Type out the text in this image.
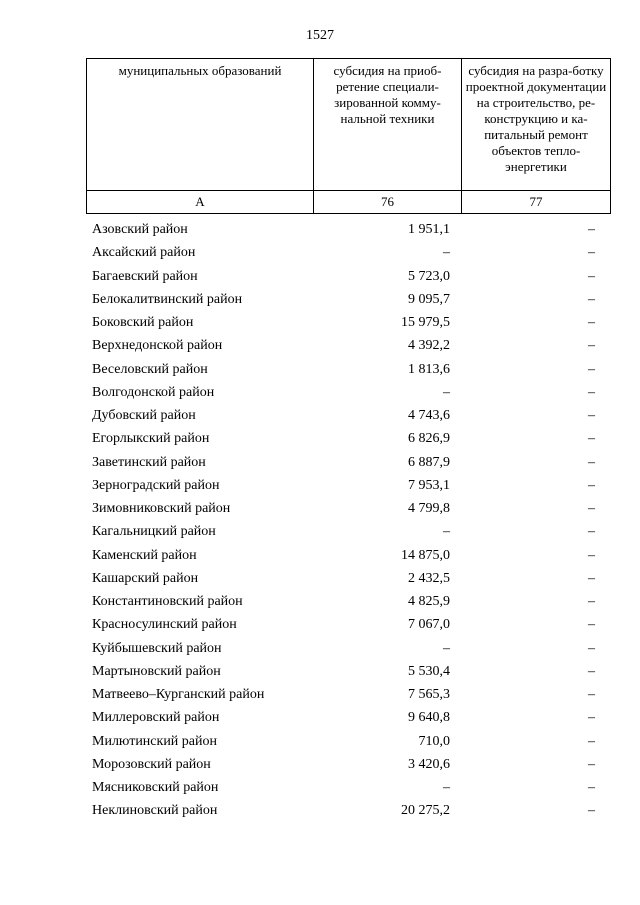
1527
муниципальных образований	субсидия на приоб-ретение специали-зированной комму-нальной техники	субсидия на разра-ботку проектной документации на строительство, ре-конструкцию и ка-питальный ремонт объектов тепло-энергетики
А	76	77
Азовский район	1 951,1	–
Аксайский район	–	–
Багаевский район	5 723,0	–
Белокалитвинский район	9 095,7	–
Боковский район	15 979,5	–
Верхнедонской район	4 392,2	–
Веселовский район	1 813,6	–
Волгодонской район	–	–
Дубовский район	4 743,6	–
Егорлыкский район	6 826,9	–
Заветинский район	6 887,9	–
Зерноградский район	7 953,1	–
Зимовниковский район	4 799,8	–
Кагальницкий район	–	–
Каменский район	14 875,0	–
Кашарский район	2 432,5	–
Константиновский район	4 825,9	–
Красносулинский район	7 067,0	–
Куйбышевский район	–	–
Мартыновский район	5 530,4	–
Матвеево–Курганский район	7 565,3	–
Миллеровский район	9 640,8	–
Милютинский район	710,0	–
Морозовский район	3 420,6	–
Мясниковский район	–	–
Неклиновский район	20 275,2	–
